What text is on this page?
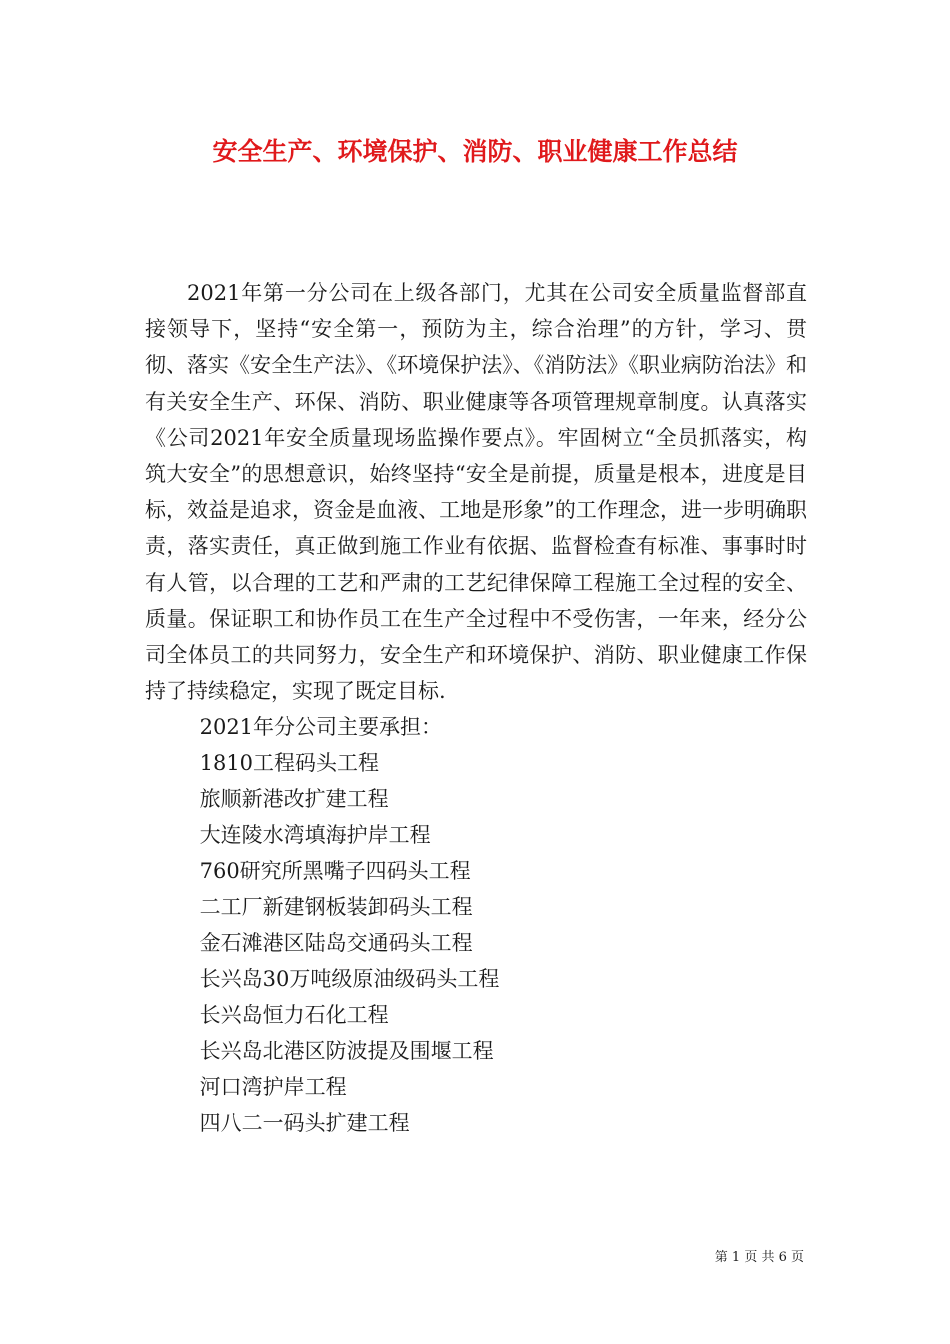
安全生产、环境保护、消防、职业健康工作总结

2021年第一分公司在上级各部门，尤其在公司安全质量监督部直接领导下，坚持“安全第一，预防为主，综合治理”的方针，学习、贯彻、落实《安全生产法》、《环境保护法》、《消防法》《职业病防治法》和有关安全生产、环保、消防、职业健康等各项管理规章制度。认真落实《公司2021年安全质量现场监操作要点》。牢固树立“全员抓落实，构筑大安全”的思想意识，始终坚持“安全是前提，质量是根本，进度是目标，效益是追求，资金是血液、工地是形象”的工作理念，进一步明确职责，落实责任，真正做到施工作业有依据、监督检查有标准、事事时时有人管，以合理的工艺和严肃的工艺纪律保障工程施工全过程的安全、质量。保证职工和协作员工在生产全过程中不受伤害，一年来，经分公司全体员工的共同努力，安全生产和环境保护、消防、职业健康工作保持了持续稳定，实现了既定目标.

2021年分公司主要承担：
1810工程码头工程
旅顺新港改扩建工程
大连陵水湾填海护岸工程
760研究所黑嘴子四码头工程
二工厂新建钢板装卸码头工程
金石滩港区陆岛交通码头工程
长兴岛30万吨级原油级码头工程
长兴岛恒力石化工程
长兴岛北港区防波提及围堰工程
河口湾护岸工程
四八二一码头扩建工程
第 1 页 共 6 页
